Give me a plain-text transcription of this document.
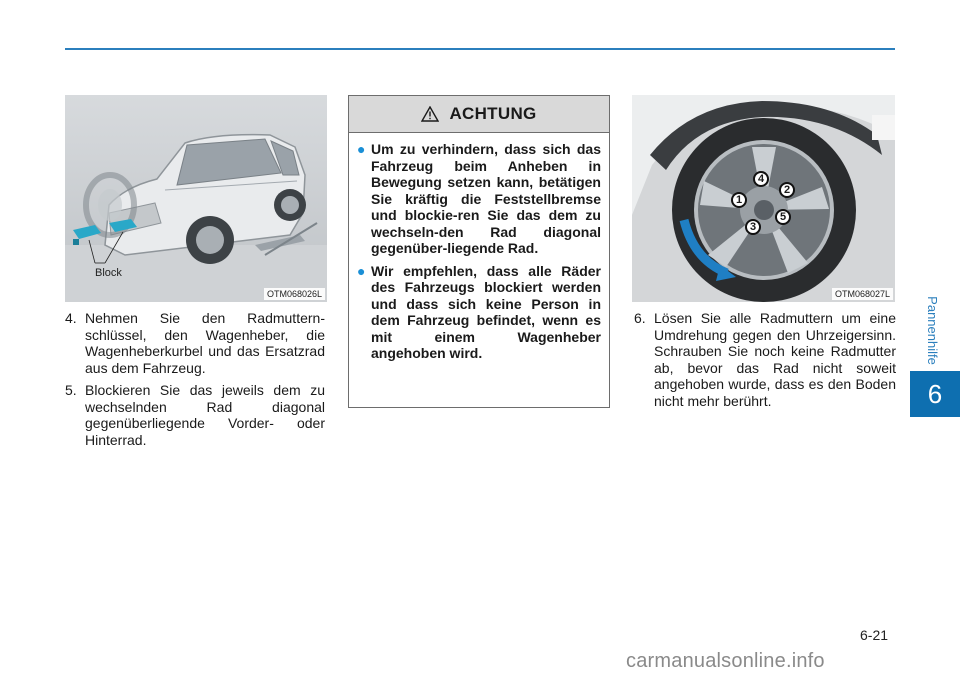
Block
OTM068026L
4. Nehmen Sie den Radmuttern-schlüssel, den Wagenheber, die Wagenheberkurbel und das Ersatzrad aus dem Fahrzeug.
5. Blockieren Sie das jeweils dem zu wechselnden Rad diagonal gegenüberliegende Vorder- oder Hinterrad.
ACHTUNG
● Um zu verhindern, dass sich das Fahrzeug beim Anheben in Bewegung setzen kann, betätigen Sie kräftig die Feststellbremse und blockie-ren Sie das dem zu wechseln-den Rad diagonal gegenüber-liegende Rad.
● Wir empfehlen, dass alle Räder des Fahrzeugs blockiert werden und dass sich keine Person in dem Fahrzeug befindet, wenn es mit einem Wagenheber angehoben wird.
1
2
3
4
5
OTM068027L
6. Lösen Sie alle Radmuttern um eine Umdrehung gegen den Uhrzeigersinn. Schrauben Sie noch keine Radmutter ab, bevor das Rad nicht soweit angehoben wurde, dass es den Boden nicht mehr berührt.
Pannenhilfe
6
6-21
carmanualsonline.info
